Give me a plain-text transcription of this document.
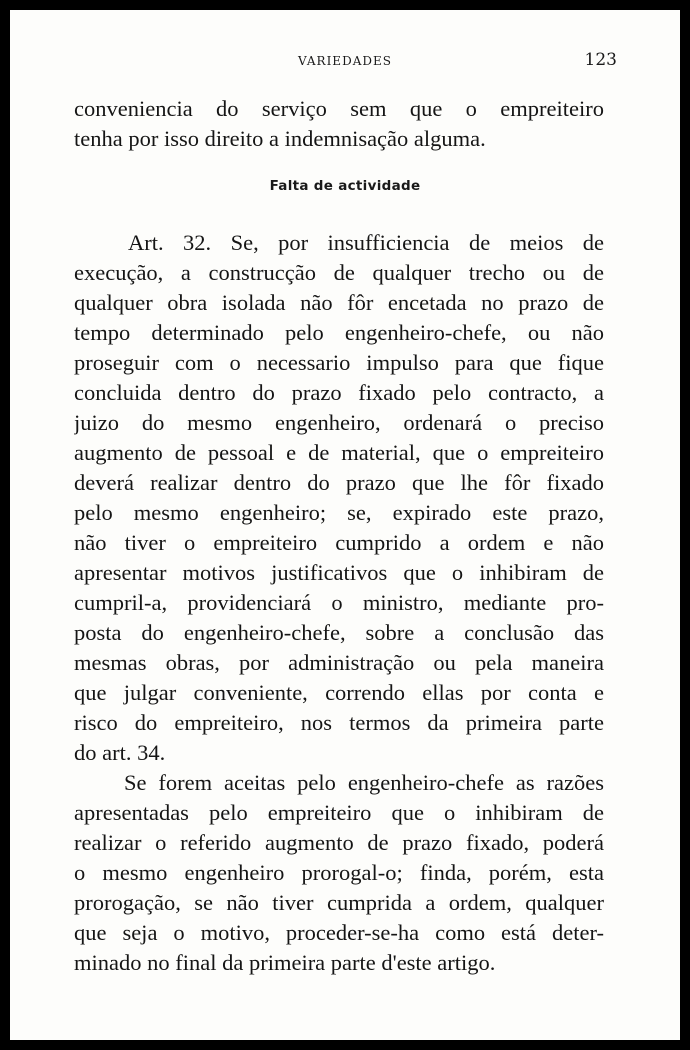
VARIEDADES	123
conveniencia do serviço sem que o empreiteiro
tenha por isso direito a indemnisação alguma.
Falta de actividade
Art. 32. Se, por insufficiencia de meios de
execução, a construcção de qualquer trecho ou de
qualquer obra isolada não fôr encetada no prazo de
tempo determinado pelo engenheiro-chefe, ou não
proseguir com o necessario impulso para que fique
concluida dentro do prazo fixado pelo contracto, a
juizo do mesmo engenheiro, ordenará o preciso
augmento de pessoal e de material, que o empreiteiro
deverá realizar dentro do prazo que lhe fôr fixado
pelo mesmo engenheiro; se, expirado este prazo,
não tiver o empreiteiro cumprido a ordem e não
apresentar motivos justificativos que o inhibiram de
cumpril-a, providenciará o ministro, mediante pro-
posta do engenheiro-chefe, sobre a conclusão das
mesmas obras, por administração ou pela maneira
que julgar conveniente, correndo ellas por conta e
risco do empreiteiro, nos termos da primeira parte
do art. 34.
Se forem aceitas pelo engenheiro-chefe as razões
apresentadas pelo empreiteiro que o inhibiram de
realizar o referido augmento de prazo fixado, poderá
o mesmo engenheiro prorogal-o; finda, porém, esta
prorogação, se não tiver cumprida a ordem, qualquer
que seja o motivo, proceder-se-ha como está deter-
minado no final da primeira parte d'este artigo.
